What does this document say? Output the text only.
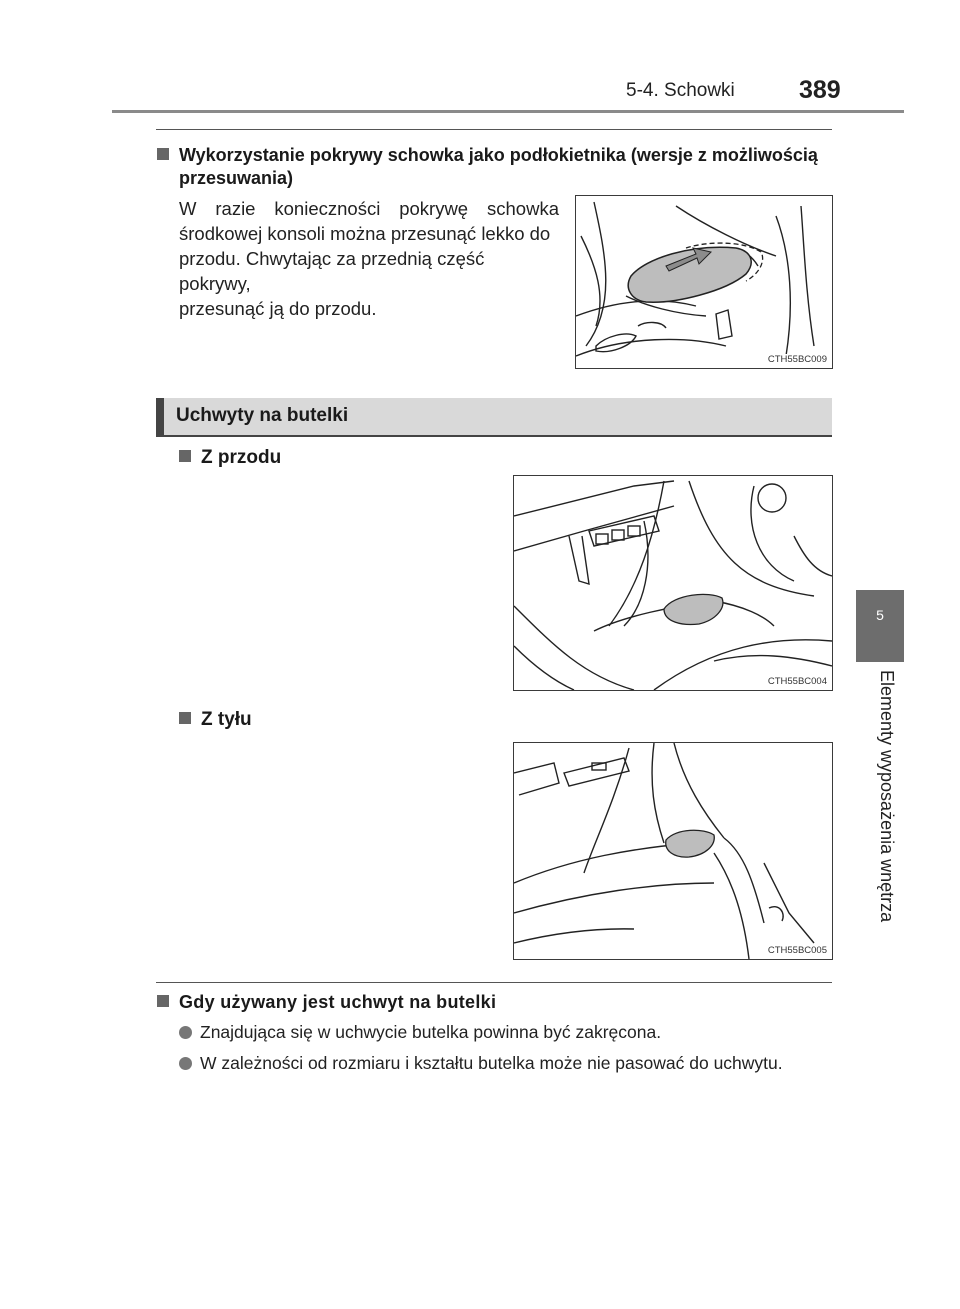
5-4. Schowki	389
5
Elementy wyposażenia wnętrza
Wykorzystanie pokrywy schowka jako podłokietnika (wersje z możliwością
przesuwania)
W razie konieczności pokrywę schowka
środkowej konsoli można przesunąć lekko do
przodu. Chwytając za przednią część pokrywy,
przesunąć ją do przodu.
CTH55BC009
Uchwyty na butelki
Z przodu
CTH55BC004
Z tyłu
CTH55BC005
Gdy używany jest uchwyt na butelki
Znajdująca się w uchwycie butelka powinna być zakręcona.
W zależności od rozmiaru i kształtu butelka może nie pasować do uchwytu.
